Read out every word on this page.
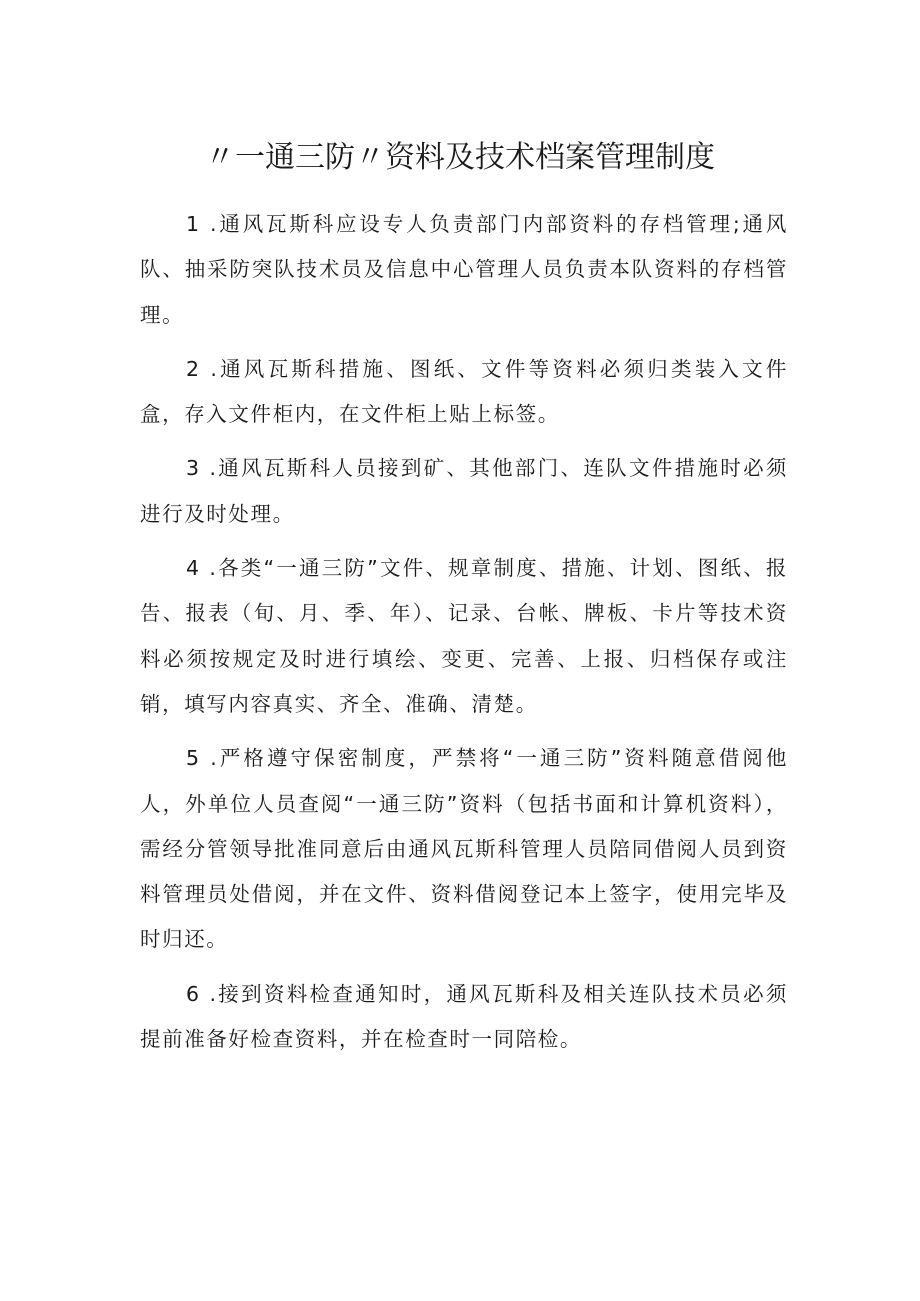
〃一通三防〃资料及技术档案管理制度

1 .通风瓦斯科应设专人负责部门内部资料的存档管理;通风队、抽采防突队技术员及信息中心管理人员负责本队资料的存档管理。

2 .通风瓦斯科措施、图纸、文件等资料必须归类装入文件盒，存入文件柜内，在文件柜上贴上标签。

3 .通风瓦斯科人员接到矿、其他部门、连队文件措施时必须进行及时处理。

4 .各类“一通三防”文件、规章制度、措施、计划、图纸、报告、报表（旬、月、季、年）、记录、台帐、牌板、卡片等技术资料必须按规定及时进行填绘、变更、完善、上报、归档保存或注销，填写内容真实、齐全、准确、清楚。

5 .严格遵守保密制度，严禁将“一通三防”资料随意借阅他人，外单位人员查阅“一通三防”资料（包括书面和计算机资料），需经分管领导批准同意后由通风瓦斯科管理人员陪同借阅人员到资料管理员处借阅，并在文件、资料借阅登记本上签字，使用完毕及时归还。

6 .接到资料检查通知时，通风瓦斯科及相关连队技术员必须提前准备好检查资料，并在检查时一同陪检。
